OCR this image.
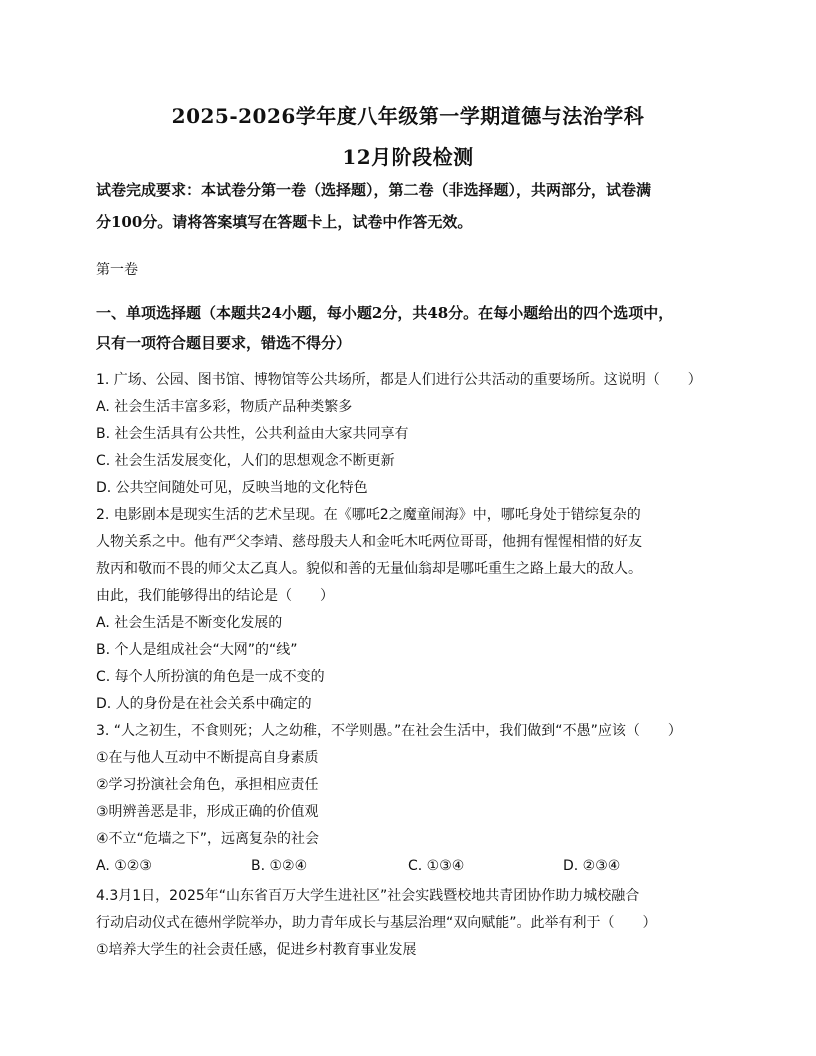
2025-2026学年度八年级第一学期道德与法治学科
12月阶段检测
试卷完成要求：本试卷分第一卷（选择题），第二卷（非选择题），共两部分，试卷满
分100分。请将答案填写在答题卡上，试卷中作答无效。
第一卷
一、单项选择题（本题共24小题，每小题2分，共48分。在每小题给出的四个选项中，
只有一项符合题目要求，错选不得分）
1. 广场、公园、图书馆、博物馆等公共场所，都是人们进行公共活动的重要场所。这说明（　　）
A. 社会生活丰富多彩，物质产品种类繁多
B. 社会生活具有公共性，公共利益由大家共同享有
C. 社会生活发展变化，人们的思想观念不断更新
D. 公共空间随处可见，反映当地的文化特色
2. 电影剧本是现实生活的艺术呈现。在《哪吒2之魔童闹海》中，哪吒身处于错综复杂的
人物关系之中。他有严父李靖、慈母殷夫人和金吒木吒两位哥哥，他拥有惺惺相惜的好友
敖丙和敬而不畏的师父太乙真人。貌似和善的无量仙翁却是哪吒重生之路上最大的敌人。
由此，我们能够得出的结论是（　　）
A. 社会生活是不断变化发展的
B. 个人是组成社会“大网”的“线”
C. 每个人所扮演的角色是一成不变的
D. 人的身份是在社会关系中确定的
3. “人之初生，不食则死；人之幼稚，不学则愚。”在社会生活中，我们做到“不愚”应该（　　）
①在与他人互动中不断提高自身素质
②学习扮演社会角色，承担相应责任
③明辨善恶是非，形成正确的价值观
④不立“危墙之下”，远离复杂的社会
A. ①②③	B. ①②④	C. ①③④	D. ②③④
4.3月1日，2025年“山东省百万大学生进社区”社会实践暨校地共青团协作助力城校融合
行动启动仪式在德州学院举办，助力青年成长与基层治理“双向赋能”。此举有利于（　　）
①培养大学生的社会责任感，促进乡村教育事业发展
